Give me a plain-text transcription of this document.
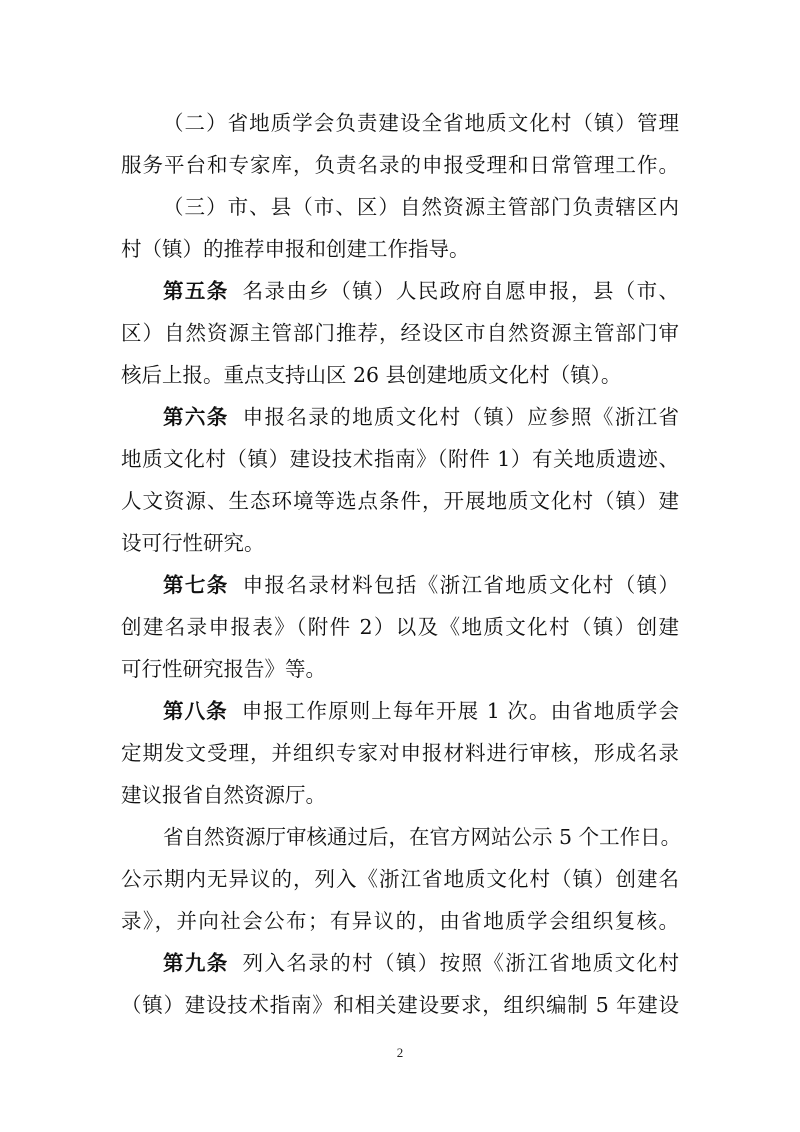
（二）省地质学会负责建设全省地质文化村（镇）管理
服务平台和专家库，负责名录的申报受理和日常管理工作。
（三）市、县（市、区）自然资源主管部门负责辖区内
村（镇）的推荐申报和创建工作指导。
第五条 名录由乡（镇）人民政府自愿申报，县（市、
区）自然资源主管部门推荐，经设区市自然资源主管部门审
核后上报。重点支持山区 26 县创建地质文化村（镇）。
第六条 申报名录的地质文化村（镇）应参照《浙江省
地质文化村（镇）建设技术指南》（附件 1）有关地质遗迹、
人文资源、生态环境等选点条件，开展地质文化村（镇）建
设可行性研究。
第七条 申报名录材料包括《浙江省地质文化村（镇）
创建名录申报表》（附件 2）以及《地质文化村（镇）创建
可行性研究报告》等。
第八条 申报工作原则上每年开展 1 次。由省地质学会
定期发文受理，并组织专家对申报材料进行审核，形成名录
建议报省自然资源厅。
省自然资源厅审核通过后，在官方网站公示 5 个工作日。
公示期内无异议的，列入《浙江省地质文化村（镇）创建名
录》，并向社会公布；有异议的，由省地质学会组织复核。
第九条 列入名录的村（镇）按照《浙江省地质文化村
（镇）建设技术指南》和相关建设要求，组织编制 5 年建设
2
